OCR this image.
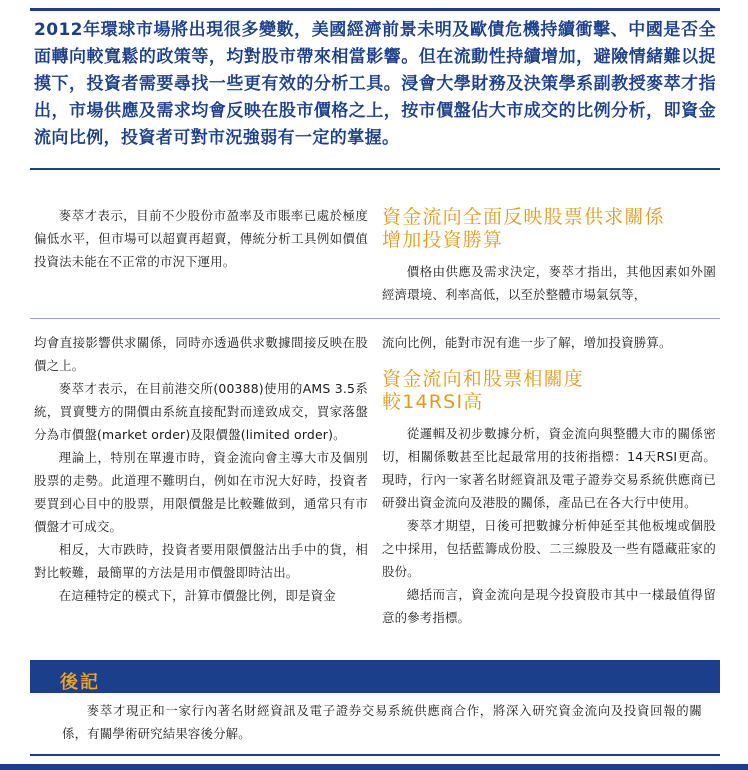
2012年環球市場將出現很多變數，美國經濟前景未明及歐債危機持續衝擊、中國是否全面轉向較寬鬆的政策等，均對股市帶來相當影響。但在流動性持續增加，避險情緒難以捉摸下，投資者需要尋找一些更有效的分析工具。浸會大學財務及決策學系副教授麥萃才指出，市場供應及需求均會反映在股市價格之上，按市價盤佔大市成交的比例分析，即資金流向比例，投資者可對市況強弱有一定的掌握。

麥萃才表示，目前不少股份市盈率及市賬率已處於極度偏低水平，但市場可以超賣再超賣，傳統分析工具例如價值投資法未能在不正常的市況下運用。

資金流向全面反映股票供求關係
增加投資勝算

價格由供應及需求決定，麥萃才指出，其他因素如外圍經濟環境、利率高低，以至於整體市場氣氛等，

均會直接影響供求關係，同時亦透過供求數據間接反映在股價之上。

麥萃才表示，在目前港交所(00388)使用的AMS 3.5系統，買賣雙方的開價由系統直接配對而達致成交，買家落盤分為市價盤(market order)及限價盤(limited order)。

理論上，特別在單邊市時，資金流向會主導大市及個別股票的走勢。此道理不難明白，例如在市況大好時，投資者要買到心目中的股票，用限價盤是比較難做到，通常只有市價盤才可成交。

相反，大市跌時，投資者要用限價盤沽出手中的貨，相對比較難，最簡單的方法是用市價盤即時沽出。

在這種特定的模式下，計算市價盤比例，即是資金

流向比例，能對市況有進一步了解，增加投資勝算。

資金流向和股票相關度
較14RSI高

從邏輯及初步數據分析，資金流向與整體大市的關係密切，相關係數甚至比起最常用的技術指標：14天RSI更高。現時，行內一家著名財經資訊及電子證券交易系統供應商已研發出資金流向及港股的關係，產品已在各大行中使用。

麥萃才期望，日後可把數據分析伸延至其他板塊或個股之中採用，包括藍籌成份股、二三線股及一些有隱藏莊家的股份。

總括而言，資金流向是現今投資股市其中一樣最值得留意的參考指標。

後記
麥萃才現正和一家行內著名財經資訊及電子證券交易系統供應商合作，將深入研究資金流向及投資回報的關係，有關學術研究結果容後分解。
